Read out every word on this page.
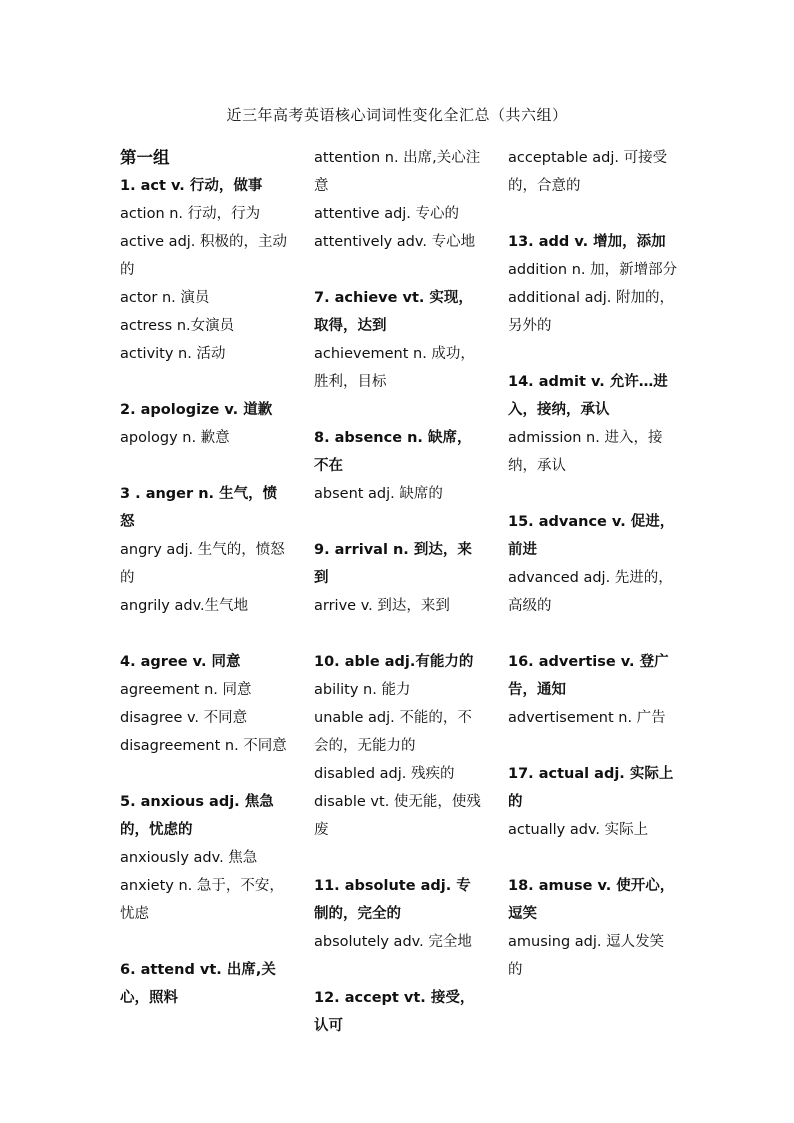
近三年高考英语核心词词性变化全汇总（共六组）
第一组
1. act v. 行动，做事
action n. 行动，行为
active adj. 积极的，主动的
actor n. 演员
actress n.女演员
activity n. 活动
2. apologize v. 道歉
apology n. 歉意
3 . anger n. 生气，愤怒
angry adj. 生气的，愤怒的
angrily adv.生气地
4. agree v. 同意
agreement n. 同意
disagree v. 不同意
disagreement n. 不同意
5. anxious adj. 焦急的，忧虑的
anxiously adv. 焦急
anxiety n. 急于，不安，忧虑
6. attend vt. 出席,关心，照料
attention n. 出席,关心注意
attentive adj. 专心的
attentively adv. 专心地
7. achieve vt. 实现，取得，达到
achievement n. 成功，胜利，目标
8. absence n. 缺席，不在
absent adj. 缺席的
9. arrival n. 到达，来到
arrive v. 到达，来到
10. able adj.有能力的
ability n. 能力
unable adj. 不能的，不会的，无能力的
disabled adj. 残疾的
disable vt. 使无能，使残废
11. absolute adj. 专制的，完全的
absolutely adv. 完全地
12. accept vt. 接受，认可
acceptable adj. 可接受的，合意的
13. add v. 增加，添加
addition n. 加，新增部分
additional adj. 附加的，另外的
14. admit v. 允许…进入，接纳，承认
admission n. 进入，接纳，承认
15. advance v. 促进，前进
advanced adj. 先进的，高级的
16. advertise v. 登广告，通知
advertisement n. 广告
17. actual adj. 实际上的
actually adv. 实际上
18. amuse v. 使开心，逗笑
amusing adj. 逗人发笑的
